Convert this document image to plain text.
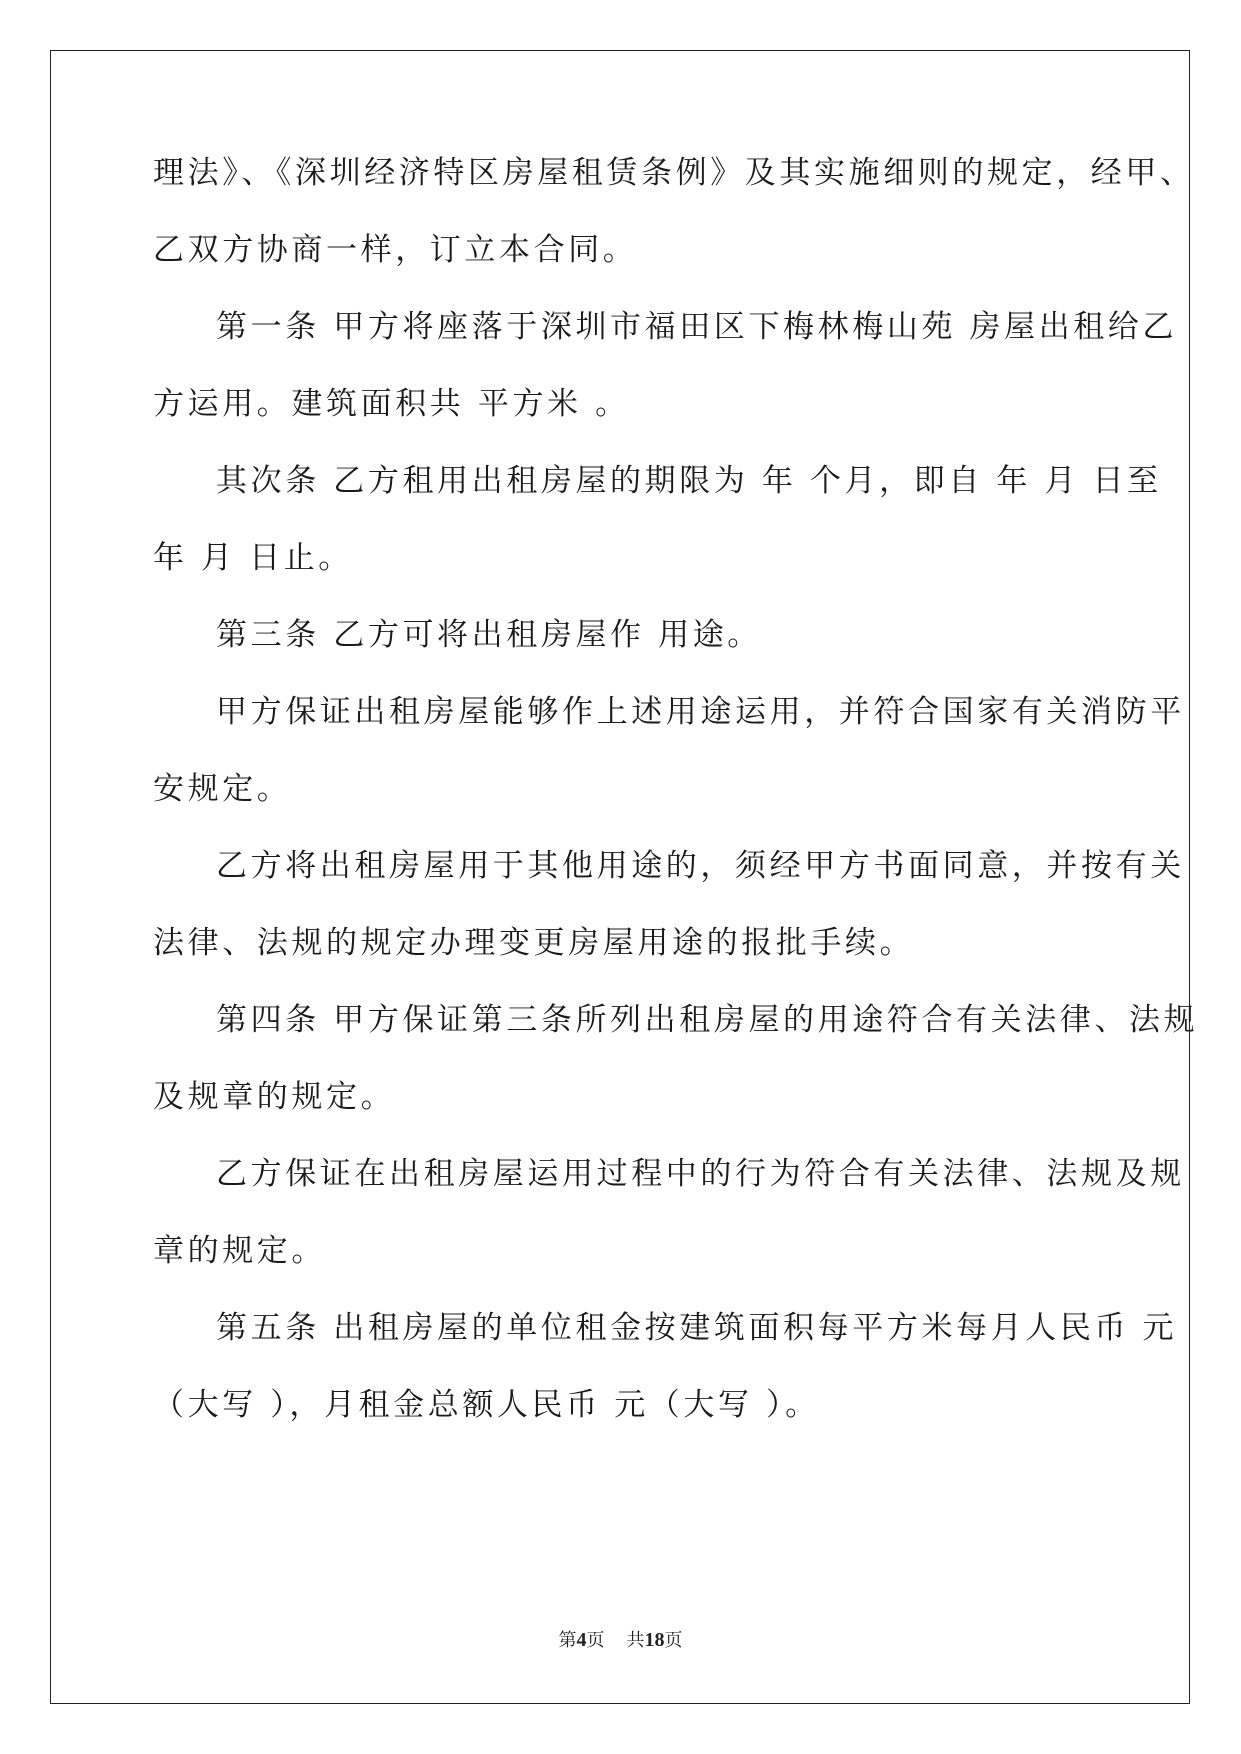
理法》、《深圳经济特区房屋租赁条例》及其实施细则的规定，经甲、
乙双方协商一样，订立本合同。
第一条 甲方将座落于深圳市福田区下梅林梅山苑 房屋出租给乙
方运用。建筑面积共 平方米 。
其次条 乙方租用出租房屋的期限为 年 个月，即自 年 月 日至
年 月 日止。
第三条 乙方可将出租房屋作 用途。
甲方保证出租房屋能够作上述用途运用，并符合国家有关消防平
安规定。
乙方将出租房屋用于其他用途的，须经甲方书面同意，并按有关
法律、法规的规定办理变更房屋用途的报批手续。
第四条 甲方保证第三条所列出租房屋的用途符合有关法律、法规
及规章的规定。
乙方保证在出租房屋运用过程中的行为符合有关法律、法规及规
章的规定。
第五条 出租房屋的单位租金按建筑面积每平方米每月人民币 元
（大写 ），月租金总额人民币 元（大写 ）。
第4页 共18页
